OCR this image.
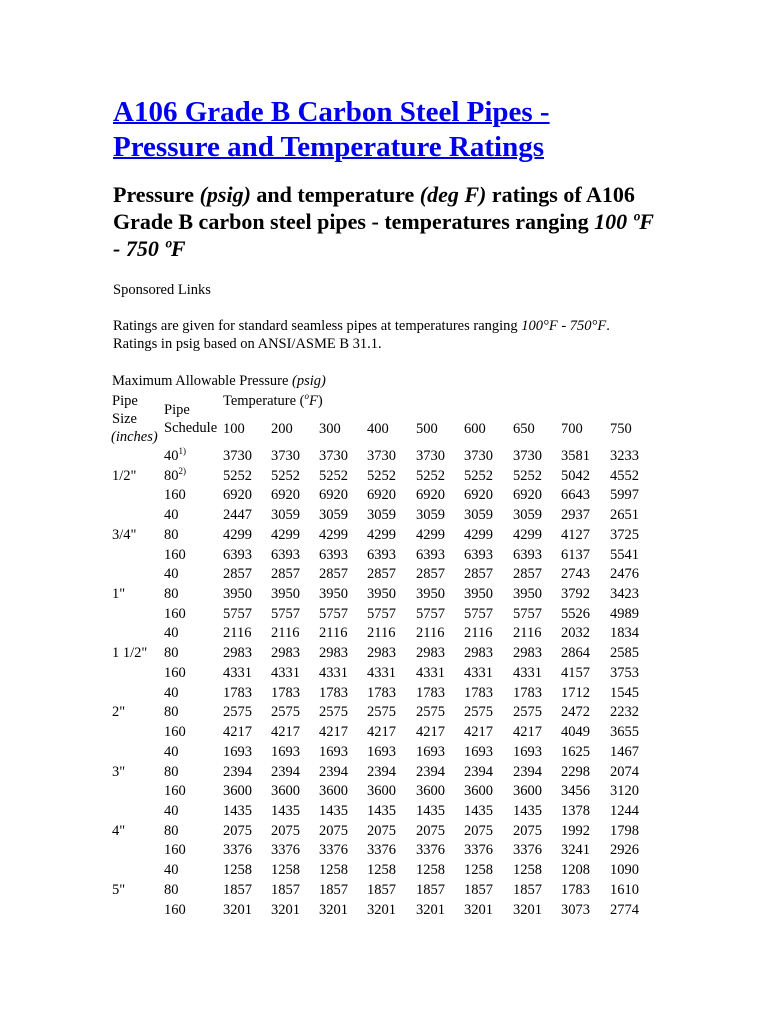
A106 Grade B Carbon Steel Pipes -
Pressure and Temperature Ratings
Pressure (psig) and temperature (deg F) ratings of A106 Grade B carbon steel pipes - temperatures ranging 100 ºF - 750 ºF
Sponsored Links
Ratings are given for standard seamless pipes at temperatures ranging 100°F - 750°F.
Ratings in psig based on ANSI/ASME B 31.1.
Maximum Allowable Pressure (psig)
Pipe
Size
(inches)
Pipe
Schedule
Temperature ($^o$F)
100 200 300 400 500 600 650 700 750
40$^{1)}$	3730 3730 3730 3730 3730 3730 3730 3581 3233
1/2" 80$^{2)}$	5252 5252 5252 5252 5252 5252 5252 5042 4552
160	6920 6920 6920 6920 6920 6920 6920 6643 5997
40	2447 3059 3059 3059 3059 3059 3059 2937 2651
3/4" 80	4299 4299 4299 4299 4299 4299 4299 4127 3725
160	6393 6393 6393 6393 6393 6393 6393 6137 5541
40	2857 2857 2857 2857 2857 2857 2857 2743 2476
1"	80	3950 3950 3950 3950 3950 3950 3950 3792 3423
160	5757 5757 5757 5757 5757 5757 5757 5526 4989
40	2116 2116 2116 2116 2116 2116 2116 2032 1834
1 1/2" 80	2983 2983 2983 2983 2983 2983 2983 2864 2585
160	4331 4331 4331 4331 4331 4331 4331 4157 3753
40	1783 1783 1783 1783 1783 1783 1783 1712 1545
2"	80	2575 2575 2575 2575 2575 2575 2575 2472 2232
160	4217 4217 4217 4217 4217 4217 4217 4049 3655
40	1693 1693 1693 1693 1693 1693 1693 1625 1467
3"	80	2394 2394 2394 2394 2394 2394 2394 2298 2074
160	3600 3600 3600 3600 3600 3600 3600 3456 3120
40	1435 1435 1435 1435 1435 1435 1435 1378 1244
4"	80	2075 2075 2075 2075 2075 2075 2075 1992 1798
160	3376 3376 3376 3376 3376 3376 3376 3241 2926
40	1258 1258 1258 1258 1258 1258 1258 1208 1090
5"	80	1857 1857 1857 1857 1857 1857 1857 1783 1610
160	3201 3201 3201 3201 3201 3201 3201 3073 2774
